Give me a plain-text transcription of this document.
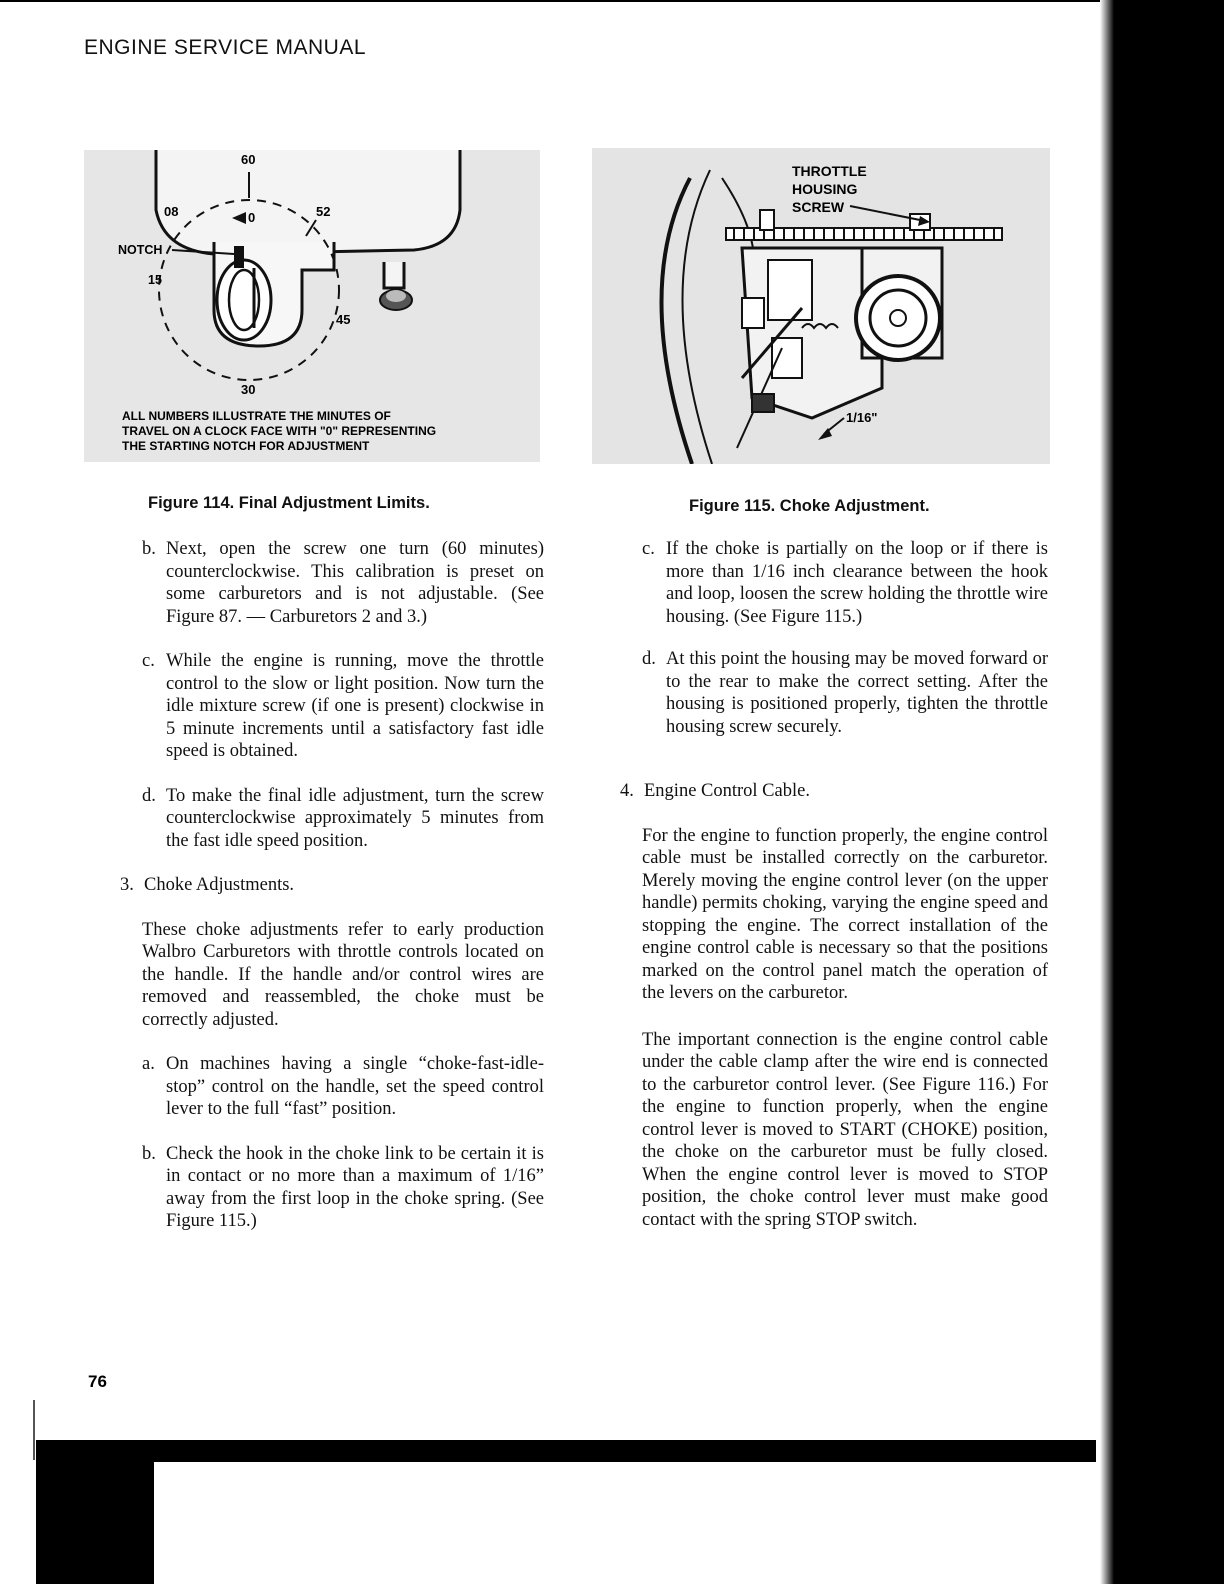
ENGINE SERVICE MANUAL
60
08	0	52
NOTCH
15
45
30
ALL NUMBERS ILLUSTRATE THE MINUTES OF
TRAVEL ON A CLOCK FACE WITH "0" REPRESENTING
THE STARTING NOTCH FOR ADJUSTMENT
Figure 114. Final Adjustment Limits.
THROTTLE
HOUSING
SCREW
1/16"
Figure 115. Choke Adjustment.
b. Next, open the screw one turn (60 minutes) counterclockwise. This calibration is preset on some carburetors and is not adjustable. (See Figure 87. — Carburetors 2 and 3.)
c. While the engine is running, move the throttle control to the slow or light position. Now turn the idle mixture screw (if one is present) clockwise in 5 minute increments until a satisfactory fast idle speed is obtained.
d. To make the final idle adjustment, turn the screw counterclockwise approximately 5 minutes from the fast idle speed position.
3. Choke Adjustments.
These choke adjustments refer to early production Walbro Carburetors with throttle controls located on the handle. If the handle and/or control wires are removed and reassembled, the choke must be correctly adjusted.
a. On machines having a single “choke-fast-idle-stop” control on the handle, set the speed control lever to the full “fast” position.
b. Check the hook in the choke link to be certain it is in contact or no more than a maximum of 1/16” away from the first loop in the choke spring. (See Figure 115.)
c. If the choke is partially on the loop or if there is more than 1/16 inch clearance between the hook and loop, loosen the screw holding the throttle wire housing. (See Figure 115.)
d. At this point the housing may be moved forward or to the rear to make the correct setting. After the housing is positioned properly, tighten the throttle housing screw securely.
4. Engine Control Cable.
For the engine to function properly, the engine control cable must be installed correctly on the carburetor. Merely moving the engine control lever (on the upper handle) permits choking, varying the engine speed and stopping the engine. The correct installation of the engine control cable is necessary so that the positions marked on the control panel match the operation of the levers on the carburetor.
The important connection is the engine control cable under the cable clamp after the wire end is connected to the carburetor control lever. (See Figure 116.) For the engine to function properly, when the engine control lever is moved to START (CHOKE) position, the choke on the carburetor must be fully closed. When the engine control lever is moved to STOP position, the choke control lever must make good contact with the spring STOP switch.
76
